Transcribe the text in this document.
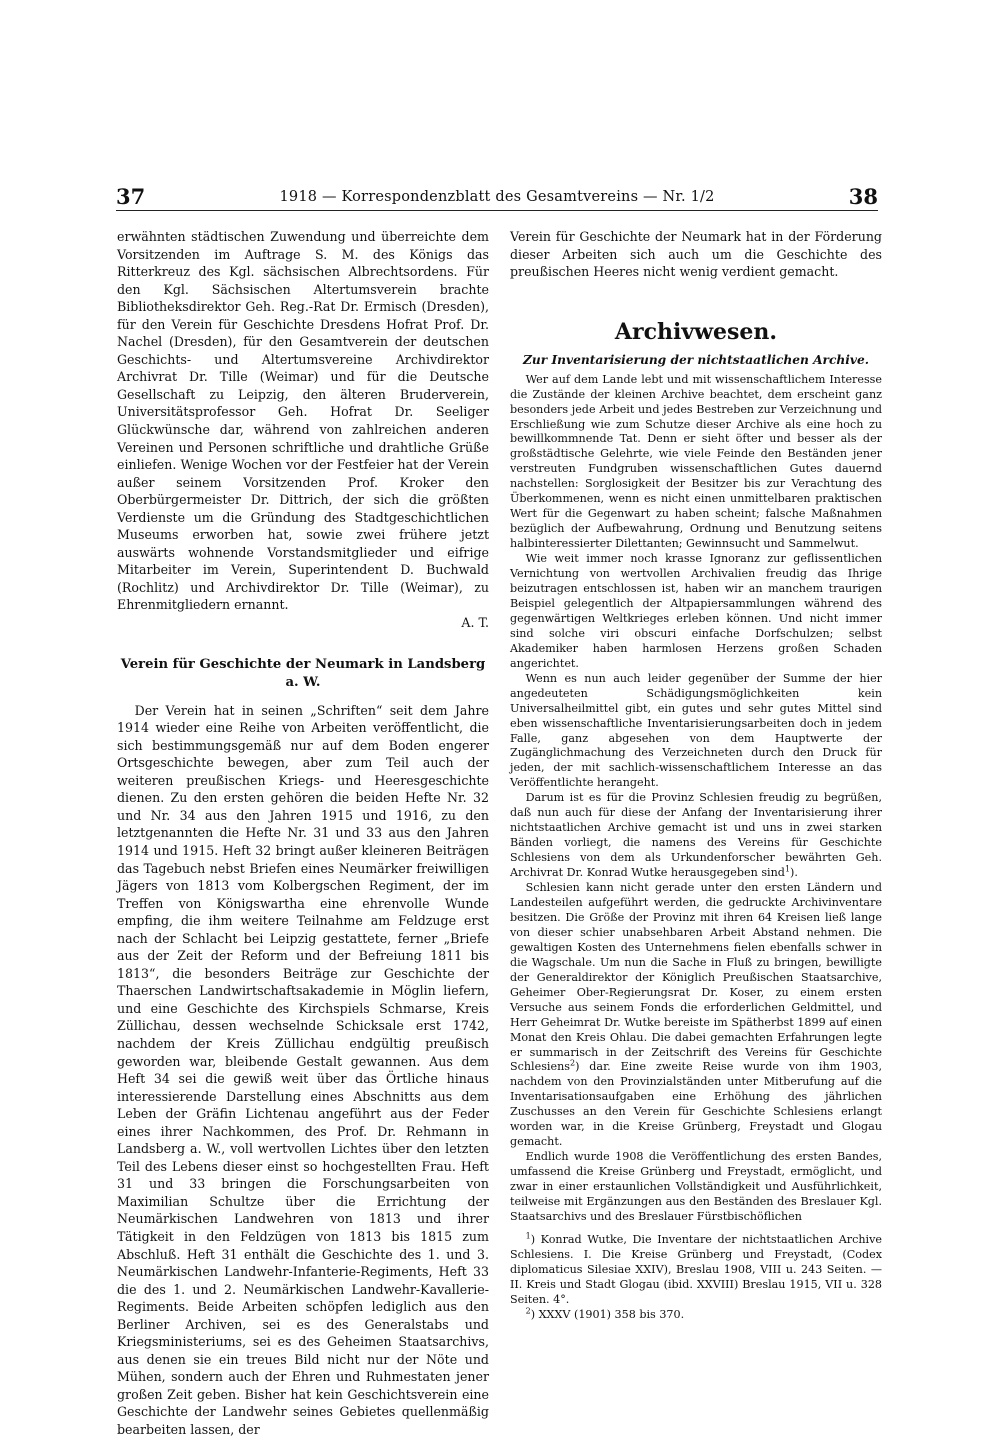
37	1918 — Korrespondenzblatt des Gesamtvereins — Nr. 1/2	38

erwähnten städtischen Zuwendung und überreichte dem Vorsitzenden im Auftrage S. M. des Königs das Ritterkreuz des Kgl. sächsischen Albrechtsordens. Für den Kgl. Sächsischen Altertumsverein brachte Bibliotheksdirektor Geh. Reg.-Rat Dr. Ermisch (Dresden), für den Verein für Geschichte Dresdens Hofrat Prof. Dr. Nachel (Dresden), für den Gesamtverein der deutschen Geschichts- und Altertumsvereine Archivdirektor Archivrat Dr. Tille (Weimar) und für die Deutsche Gesellschaft zu Leipzig, den älteren Bruderverein, Universitätsprofessor Geh. Hofrat Dr. Seeliger Glückwünsche dar, während von zahlreichen anderen Vereinen und Personen schriftliche und drahtliche Grüße einliefen. Wenige Wochen vor der Festfeier hat der Verein außer seinem Vorsitzenden Prof. Kroker den Oberbürgermeister Dr. Dittrich, der sich die größten Verdienste um die Gründung des Stadtgeschichtlichen Museums erworben hat, sowie zwei frühere jetzt auswärts wohnende Vorstandsmitglieder und eifrige Mitarbeiter im Verein, Superintendent D. Buchwald (Rochlitz) und Archivdirektor Dr. Tille (Weimar), zu Ehrenmitgliedern ernannt.

A. T.
Verein für Geschichte der Neumark in Landsberg a. W.

Der Verein hat in seinen „Schriften“ seit dem Jahre 1914 wieder eine Reihe von Arbeiten veröffentlicht, die sich bestimmungsgemäß nur auf dem Boden engerer Ortsgeschichte bewegen, aber zum Teil auch der weiteren preußischen Kriegs- und Heeresgeschichte dienen. Zu den ersten gehören die beiden Hefte Nr. 32 und Nr. 34 aus den Jahren 1915 und 1916, zu den letztgenannten die Hefte Nr. 31 und 33 aus den Jahren 1914 und 1915. Heft 32 bringt außer kleineren Beiträgen das Tagebuch nebst Briefen eines Neumärker freiwilligen Jägers von 1813 vom Kolbergschen Regiment, der im Treffen von Königswartha eine ehrenvolle Wunde empfing, die ihm weitere Teilnahme am Feldzuge erst nach der Schlacht bei Leipzig gestattete, ferner „Briefe aus der Zeit der Reform und der Befreiung 1811 bis 1813“, die besonders Beiträge zur Geschichte der Thaerschen Landwirtschaftsakademie in Möglin liefern, und eine Geschichte des Kirchspiels Schmarse, Kreis Züllichau, dessen wechselnde Schicksale erst 1742, nachdem der Kreis Züllichau endgültig preußisch geworden war, bleibende Gestalt gewannen. Aus dem Heft 34 sei die gewiß weit über das Örtliche hinaus interessierende Darstellung eines Abschnitts aus dem Leben der Gräfin Lichtenau angeführt aus der Feder eines ihrer Nachkommen, des Prof. Dr. Rehmann in Landsberg a. W., voll wertvollen Lichtes über den letzten Teil des Lebens dieser einst so hochgestellten Frau. Heft 31 und 33 bringen die Forschungsarbeiten von Maximilian Schultze über die Errichtung der Neumärkischen Landwehren von 1813 und ihrer Tätigkeit in den Feldzügen von 1813 bis 1815 zum Abschluß. Heft 31 enthält die Geschichte des 1. und 3. Neumärkischen Landwehr-Infanterie-Regiments, Heft 33 die des 1. und 2. Neumärkischen Landwehr-Kavallerie-Regiments. Beide Arbeiten schöpfen lediglich aus den Berliner Archiven, sei es des Generalstabs und Kriegsministeriums, sei es des Geheimen Staatsarchivs, aus denen sie ein treues Bild nicht nur der Nöte und Mühen, sondern auch der Ehren und Ruhmestaten jener großen Zeit geben. Bisher hat kein Geschichtsverein eine Geschichte der Landwehr seines Gebietes quellenmäßig bearbeiten lassen, der

Verein für Geschichte der Neumark hat in der Förderung dieser Arbeiten sich auch um die Geschichte des preußischen Heeres nicht wenig verdient gemacht.

Archivwesen.
Zur Inventarisierung der nichtstaatlichen Archive.

Wer auf dem Lande lebt und mit wissenschaftlichem Interesse die Zustände der kleinen Archive beachtet, dem erscheint ganz besonders jede Arbeit und jedes Bestreben zur Verzeichnung und Erschließung wie zum Schutze dieser Archive als eine hoch zu bewillkommnende Tat. Denn er sieht öfter und besser als der großstädtische Gelehrte, wie viele Feinde den Beständen jener verstreuten Fundgruben wissenschaftlichen Gutes dauernd nachstellen: Sorglosigkeit der Besitzer bis zur Verachtung des Überkommenen, wenn es nicht einen unmittelbaren praktischen Wert für die Gegenwart zu haben scheint; falsche Maßnahmen bezüglich der Aufbewahrung, Ordnung und Benutzung seitens halbinteressierter Dilettanten; Gewinnsucht und Sammelwut.

Wie weit immer noch krasse Ignoranz zur geflissentlichen Vernichtung von wertvollen Archivalien freudig das Ihrige beizutragen entschlossen ist, haben wir an manchem traurigen Beispiel gelegentlich der Altpapiersammlungen während des gegenwärtigen Weltkrieges erleben können. Und nicht immer sind solche viri obscuri einfache Dorfschulzen; selbst Akademiker haben harmlosen Herzens großen Schaden angerichtet.

Wenn es nun auch leider gegenüber der Summe der hier angedeuteten Schädigungsmöglichkeiten kein Universalheilmittel gibt, ein gutes und sehr gutes Mittel sind eben wissenschaftliche Inventarisierungsarbeiten doch in jedem Falle, ganz abgesehen von dem Hauptwerte der Zugänglichmachung des Verzeichneten durch den Druck für jeden, der mit sachlich-wissenschaftlichem Interesse an das Veröffentlichte herangeht.

Darum ist es für die Provinz Schlesien freudig zu begrüßen, daß nun auch für diese der Anfang der Inventarisierung ihrer nichtstaatlichen Archive gemacht ist und uns in zwei starken Bänden vorliegt, die namens des Vereins für Geschichte Schlesiens von dem als Urkundenforscher bewährten Geh. Archivrat Dr. Konrad Wutke herausgegeben sind$^1$).

Schlesien kann nicht gerade unter den ersten Ländern und Landesteilen aufgeführt werden, die gedruckte Archivinventare besitzen. Die Größe der Provinz mit ihren 64 Kreisen ließ lange von dieser schier unabsehbaren Arbeit Abstand nehmen. Die gewaltigen Kosten des Unternehmens fielen ebenfalls schwer in die Wagschale. Um nun die Sache in Fluß zu bringen, bewilligte der Generaldirektor der Königlich Preußischen Staatsarchive, Geheimer Ober-Regierungsrat Dr. Koser, zu einem ersten Versuche aus seinem Fonds die erforderlichen Geldmittel, und Herr Geheimrat Dr. Wutke bereiste im Spätherbst 1899 auf einen Monat den Kreis Ohlau. Die dabei gemachten Erfahrungen legte er summarisch in der Zeitschrift des Vereins für Geschichte Schlesiens$^2$) dar. Eine zweite Reise wurde von ihm 1903, nachdem von den Provinzialständen unter Mitberufung auf die Inventarisationsaufgaben eine Erhöhung des jährlichen Zuschusses an den Verein für Geschichte Schlesiens erlangt worden war, in die Kreise Grünberg, Freystadt und Glogau gemacht.

Endlich wurde 1908 die Veröffentlichung des ersten Bandes, umfassend die Kreise Grünberg und Freystadt, ermöglicht, und zwar in einer erstaunlichen Vollständigkeit und Ausführlichkeit, teilweise mit Ergänzungen aus den Beständen des Breslauer Kgl. Staatsarchivs und des Breslauer Fürstbischöflichen

$^1$) Konrad Wutke, Die Inventare der nichtstaatlichen Archive Schlesiens. I. Die Kreise Grünberg und Freystadt, (Codex diplomaticus Silesiae XXIV), Breslau 1908, VIII u. 243 Seiten. — II. Kreis und Stadt Glogau (ibid. XXVIII) Breslau 1915, VII u. 328 Seiten. 4°.

$^2$) XXXV (1901) 358 bis 370.
